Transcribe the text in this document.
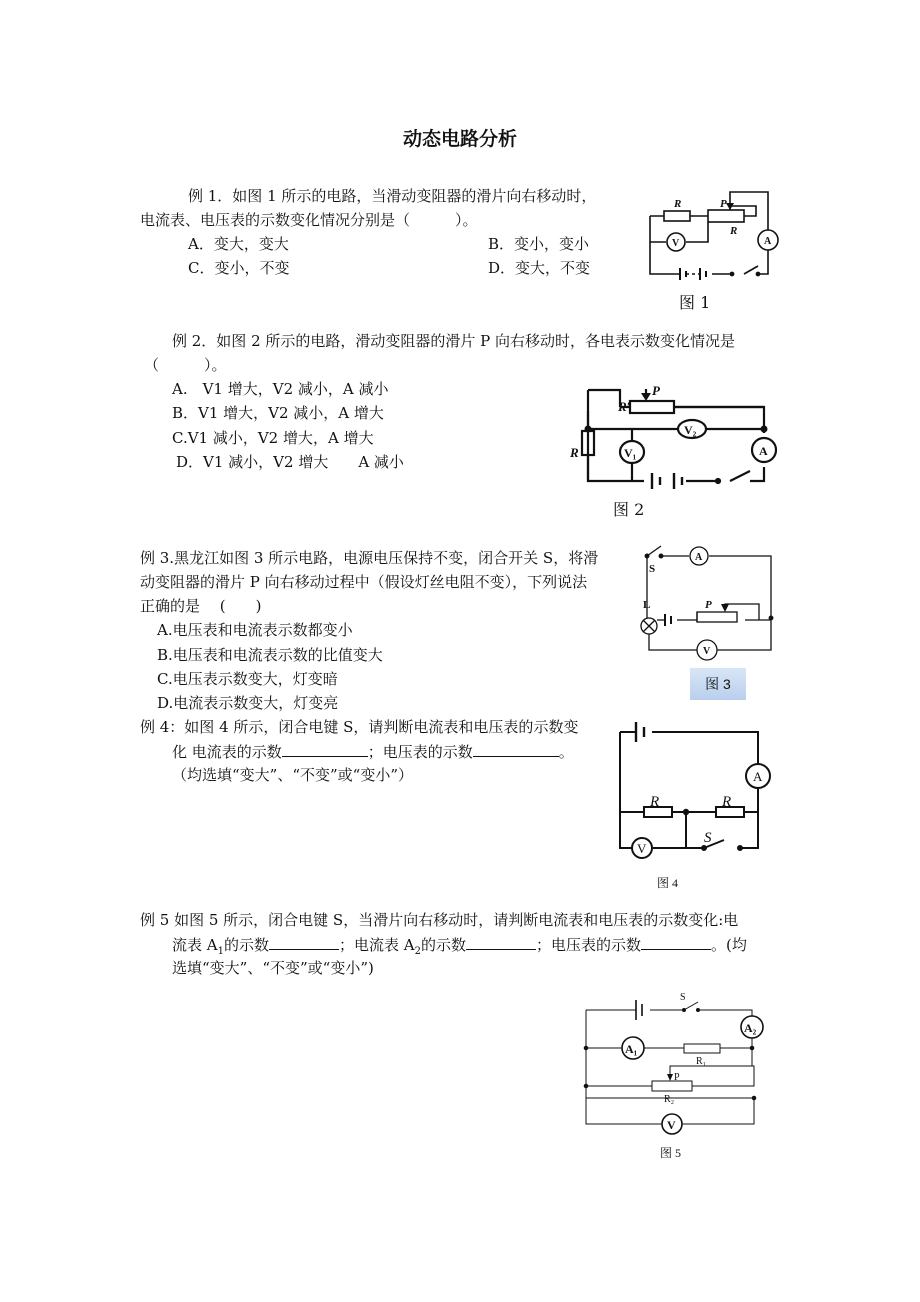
动态电路分析
例 1．如图 1 所示的电路，当滑动变阻器的滑片向右移动时，
电流表、电压表的示数变化情况分别是（　　　）。
A．变大，变大	B．变小，变小
C．变小，不变	D．变大，不变
R	P
R
V	A
图 1
例 2．如图 2 所示的电路，滑动变阻器的滑片 P 向右移动时，各电表示数变化情况是
（　　　）。
A.　V1 增大，V2 减小，A 减小
B．V1 增大，V2 减小，A 增大
C.V1 减小，V2 增大，A 增大
D．V1 减小，V2 增大　　A 减小
R′
P
R	V₁
V₂
A
图 2
例 3.黑龙江如图 3 所示电路，电源电压保持不变，闭合开关 S，将滑
动变阻器的滑片 P 向右移动过程中（假设灯丝电阻不变），下列说法
正确的是　 (　　)
A.电压表和电流表示数都变小
B.电压表和电流表示数的比值变大
C.电压表示数变大，灯变暗
D.电流表示数变大，灯变亮
S
A
L	P
V
图 3
例 4：如图 4 所示，闭合电键 S，请判断电流表和电压表的示数变
化 电流表的示数	；电压表的示数	。
（均选填“变大”、“不变”或“变小”）
R	R
S
A
V
图 4
例 5 如图 5 所示，闭合电键 S，当滑片向右移动时，请判断电流表和电压表的示数变化:电
流表 $A_1$的示数	；电流表 $A_2$的示数	；电压表的示数	。(均
选填“变大”、“不变”或“变小”)
S
A₂
A₁
R₁
P
R₂
V
图 5
